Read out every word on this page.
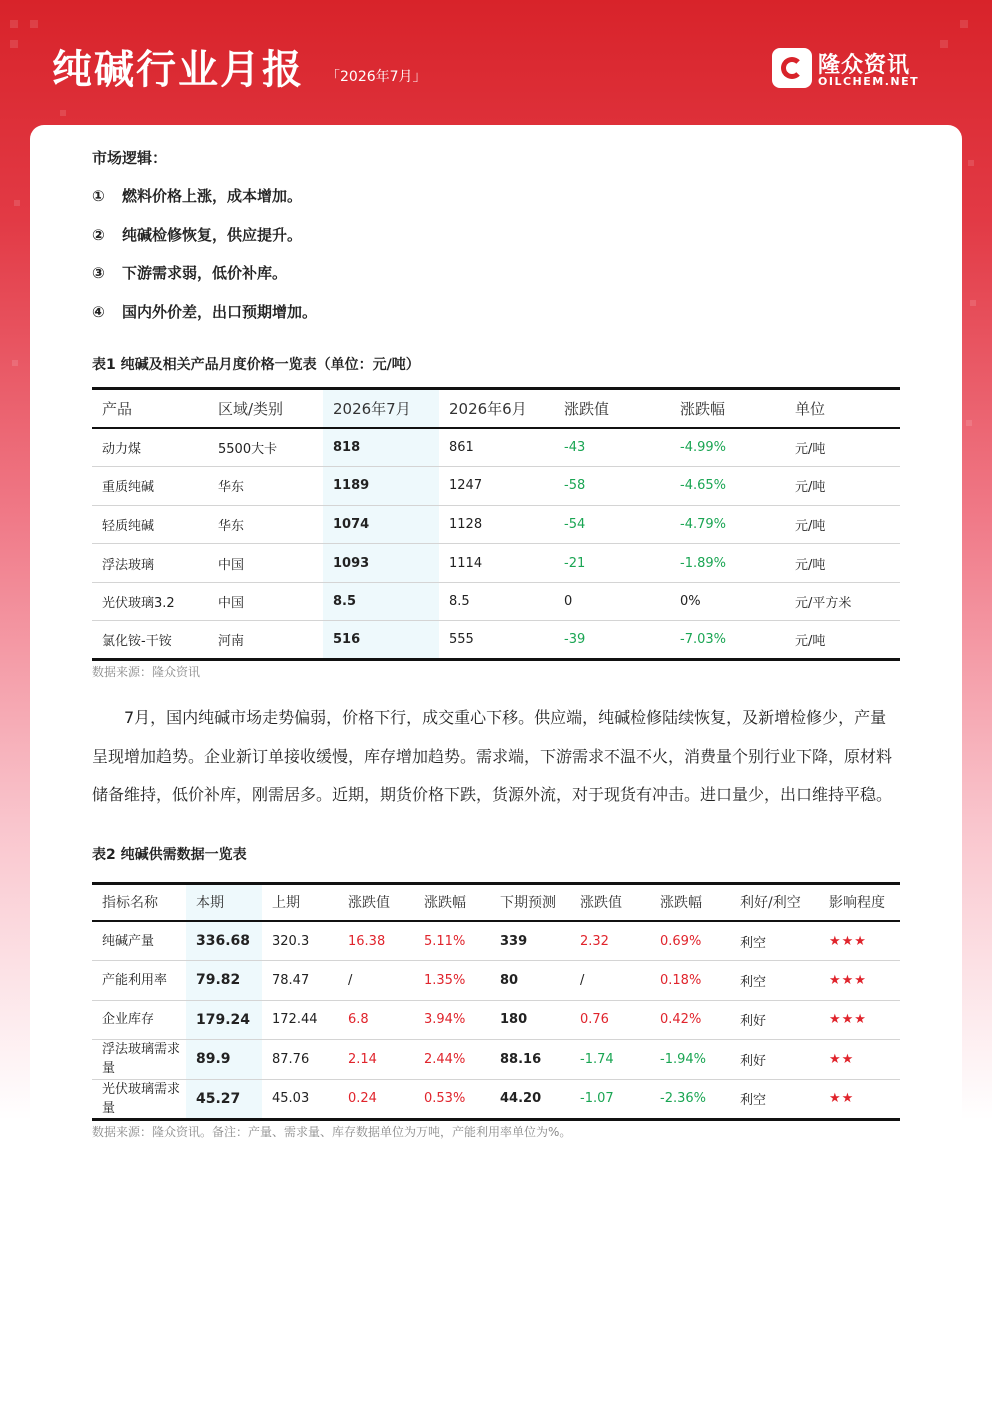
纯碱行业月报 「2026年7月」	隆众资讯
OILCHEM.NET
市场逻辑：
① 燃料价格上涨，成本增加。
② 纯碱检修恢复，供应提升。
③ 下游需求弱，低价补库。
④ 国内外价差，出口预期增加。
表1 纯碱及相关产品月度价格一览表（单位：元/吨）
产品	区域/类别	2026年7月	2026年6月	涨跌值	涨跌幅	单位
动力煤	5500大卡	818	861	-43	-4.99%	元/吨
重质纯碱	华东	1189	1247	-58	-4.65%	元/吨
轻质纯碱	华东	1074	1128	-54	-4.79%	元/吨
浮法玻璃	中国	1093	1114	-21	-1.89%	元/吨
光伏玻璃3.2	中国	8.5	8.5	0	0%	元/平方米
氯化铵-干铵	河南	516	555	-39	-7.03%	元/吨
数据来源：隆众资讯

7月，国内纯碱市场走势偏弱，价格下行，成交重心下移。供应端，纯碱检修陆续恢复，及新增检修少，产量呈现增加趋势。企业新订单接收缓慢，库存增加趋势。需求端，下游需求不温不火，消费量个别行业下降，原材料储备维持，低价补库，刚需居多。近期，期货价格下跌，货源外流，对于现货有冲击。进口量少，出口维持平稳。

表2 纯碱供需数据一览表
指标名称	本期	上期	涨跌值	涨跌幅	下期预测	涨跌值	涨跌幅	利好/利空	影响程度
纯碱产量	336.68	320.3	16.38	5.11%	339	2.32	0.69%	利空	★★★
产能利用率	79.82	78.47	/	1.35%	80	/	0.18%	利空	★★★
企业库存	179.24	172.44	6.8	3.94%	180	0.76	0.42%	利好	★★★
浮法玻璃需求量	89.9	87.76	2.14	2.44%	88.16	-1.74	-1.94%	利好	★★
光伏玻璃需求量	45.27	45.03	0.24	0.53%	44.20	-1.07	-2.36%	利空	★★
数据来源：隆众资讯。备注：产量、需求量、库存数据单位为万吨，产能利用率单位为%。
